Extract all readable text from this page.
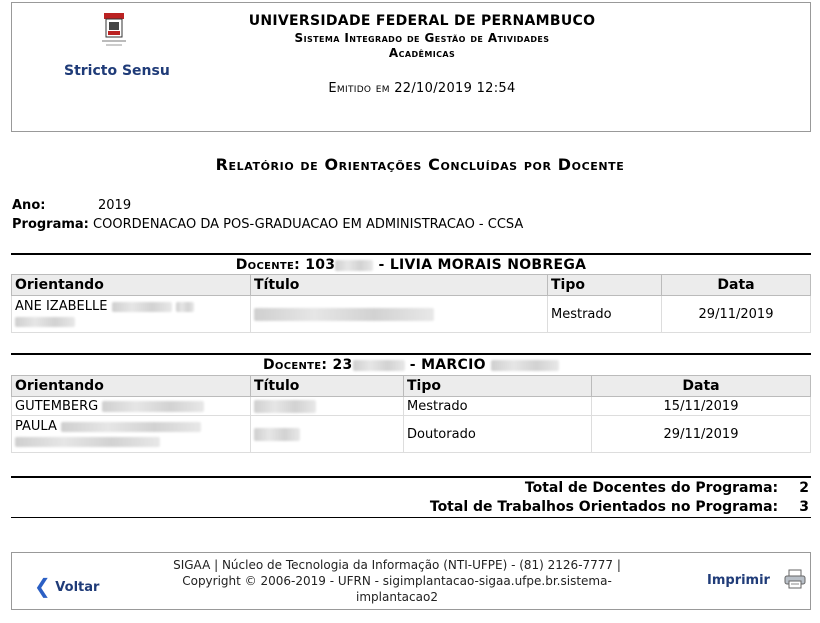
Stricto Sensu
UNIVERSIDADE FEDERAL DE PERNAMBUCO
Sistema Integrado de Gestão de Atividades
Acadêmicas
Emitido em 22/10/2019 12:54
Relatório de Orientações Concluídas por Docente
Ano:	2019
Programa: COORDENACAO DA POS-GRADUACAO EM ADMINISTRACAO - CCSA
Docente: 103	- LIVIA MORAIS NOBREGA
Orientando	Título	Tipo	Data
ANE IZABELLE		Mestrado	29/11/2019
Docente: 23	- MARCIO
Orientando	Título	Tipo	Data
GUTEMBERG		Mestrado	15/11/2019
PAULA		Doutorado	29/11/2019
Total de Docentes do Programa: 2
Total de Trabalhos Orientados no Programa: 3
❮ Voltar
SIGAA | Núcleo de Tecnologia da Informação (NTI-UFPE) - (81) 2126-7777 |
Copyright © 2006-2019 - UFRN - sigimplantacao-sigaa.ufpe.br.sistema-
implantacao2
Imprimir
